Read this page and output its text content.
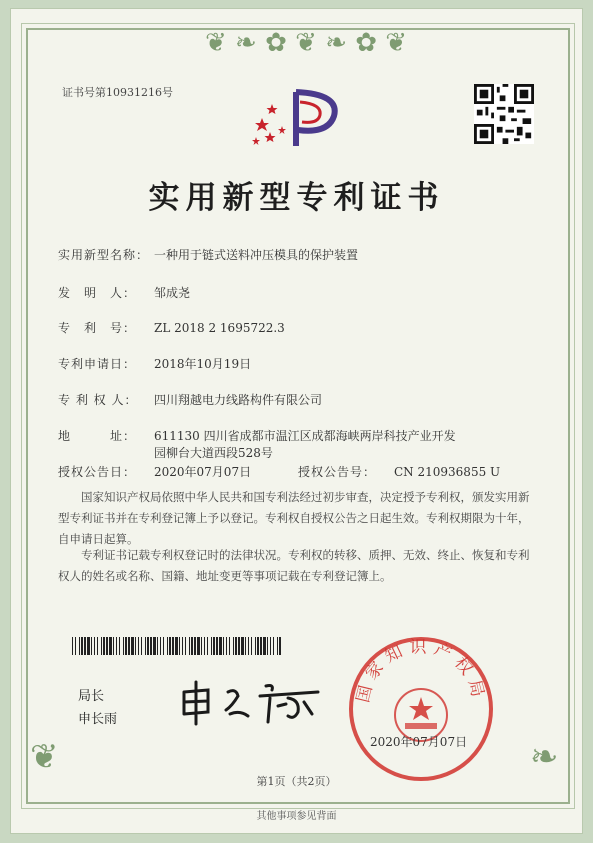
❦ ❧ ✿ ❦ ❧ ✿ ❦
❦	❧
证书号第10931216号
实用新型专利证书
实用新型名称： 一种用于链式送料冲压模具的保护装置
发　明　人： 邹成尧
专　利　号： ZL 2018 2 1695722.3
专利申请日： 2018年10月19日
专 利 权 人： 四川翔越电力线路构件有限公司
地　　　址： 611130 四川省成都市温江区成都海峡两岸科技产业开发
园柳台大道西段528号
授权公告日： 2020年07月07日	授权公告号： CN 210936855 U
国家知识产权局依照中华人民共和国专利法经过初步审查，决定授予专利权，颁发实用新型专利证书并在专利登记簿上予以登记。专利权自授权公告之日起生效。专利权期限为十年，自申请日起算。
专利证书记载专利权登记时的法律状况。专利权的转移、质押、无效、终止、恢复和专利权人的姓名或名称、国籍、地址变更等事项记载在专利登记簿上。
局长
申长雨
国家知识产权局
2020年07月07日
第1页（共2页）
其他事项参见背面
